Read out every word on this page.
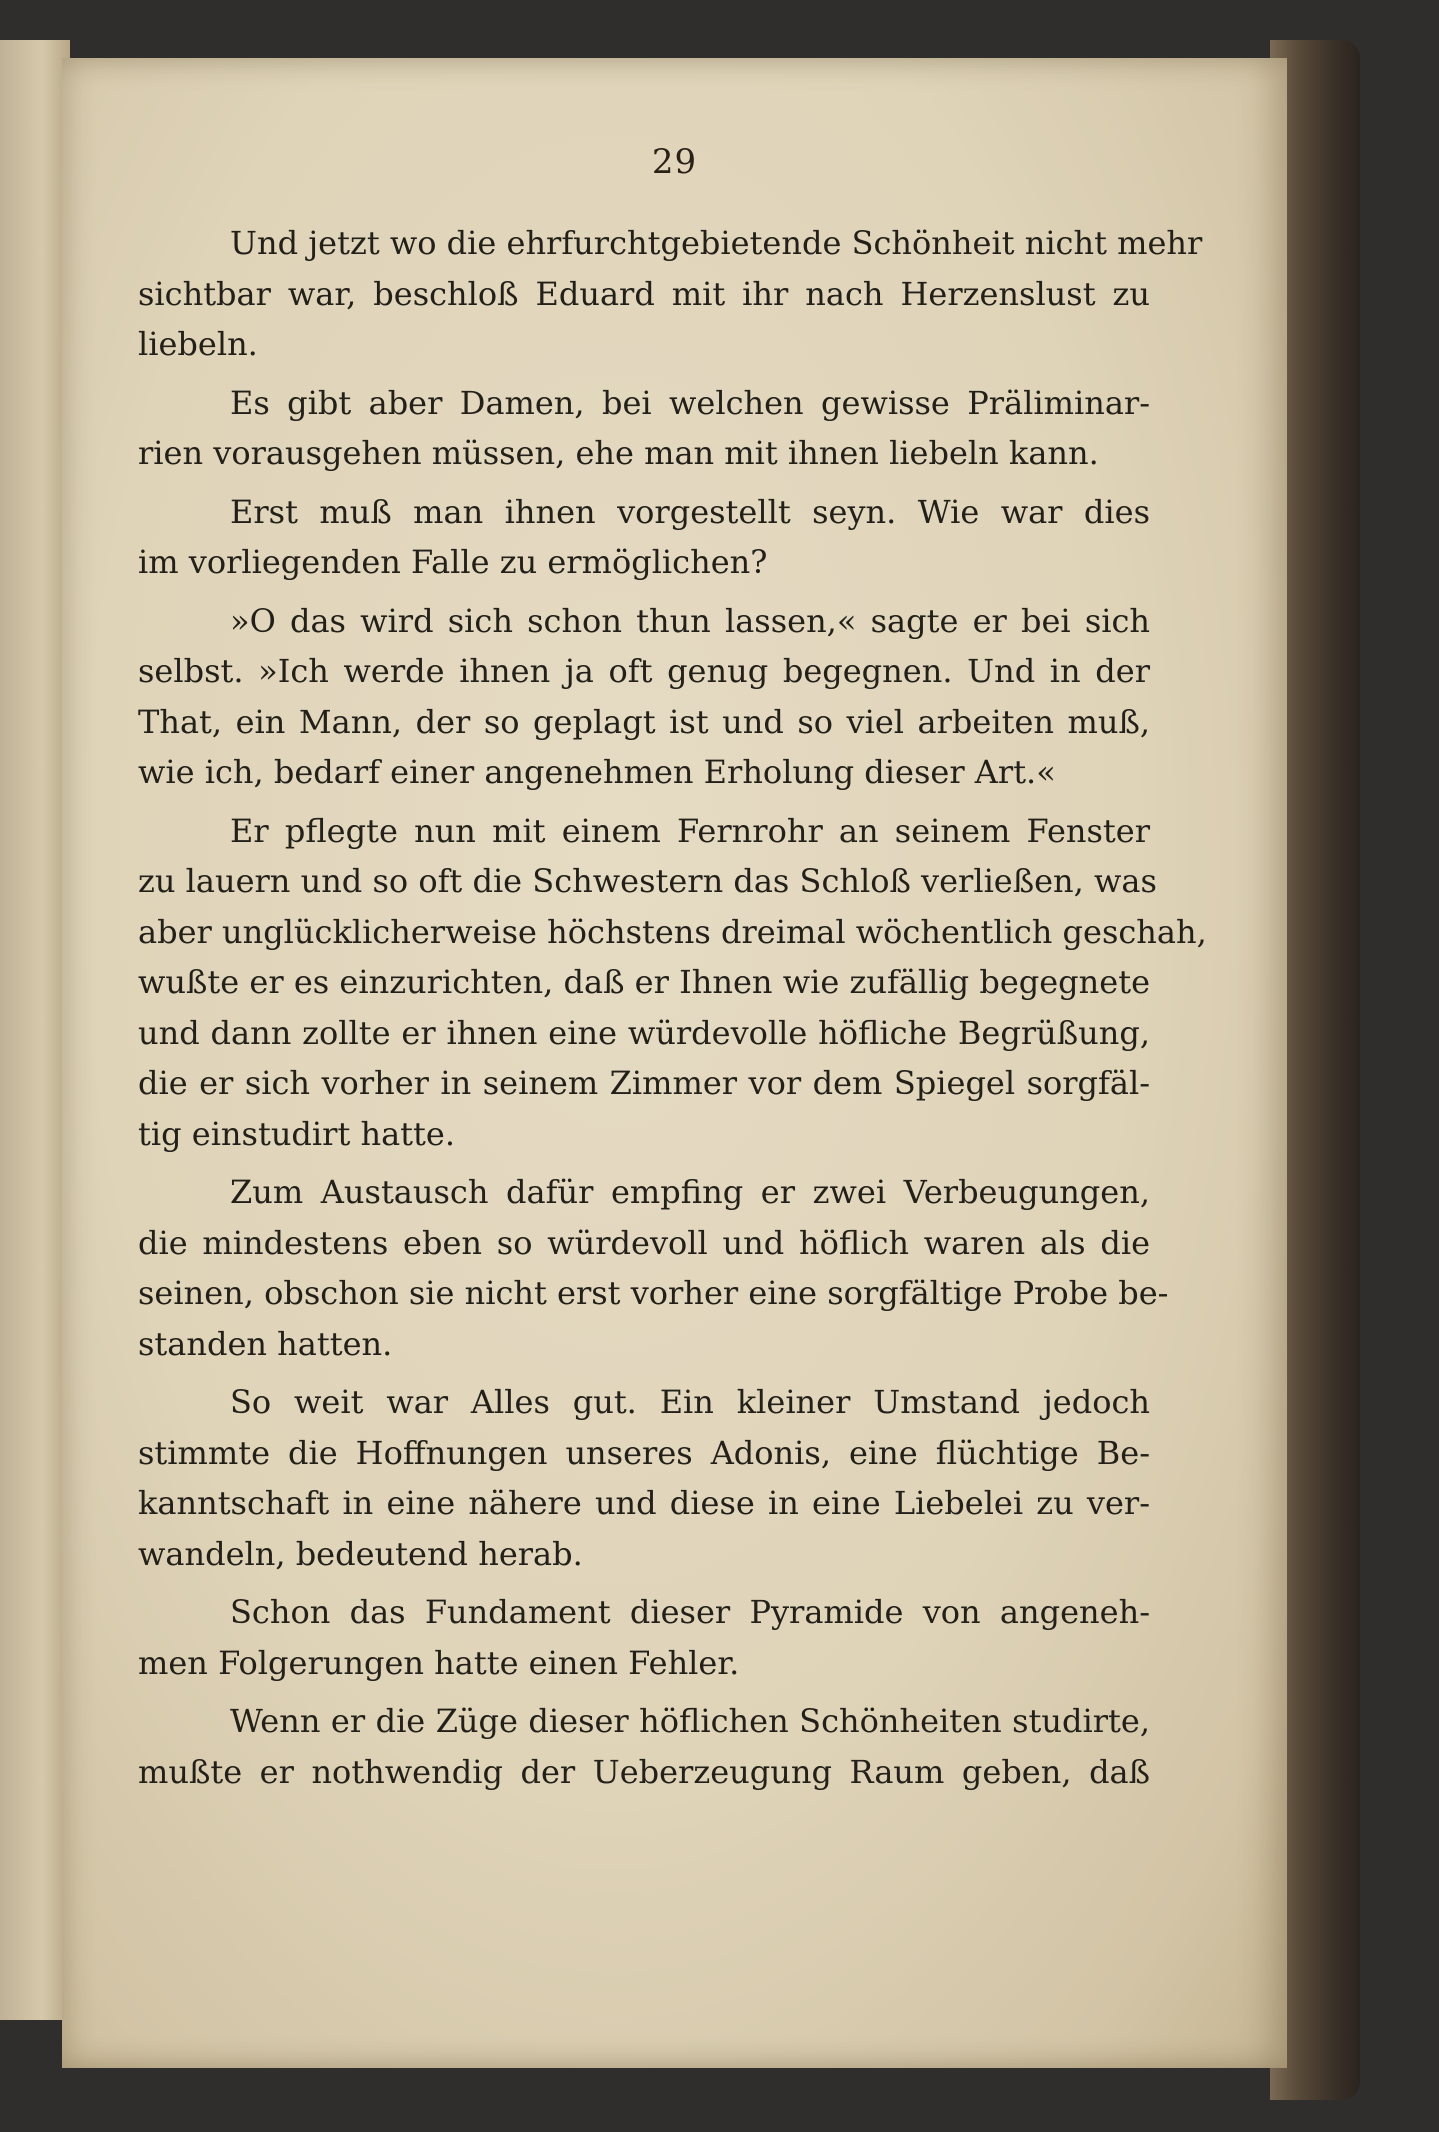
29
Und jetzt wo die ehrfurchtgebietende Schönheit nicht mehr
sichtbar war, beschloß Eduard mit ihr nach Herzenslust zu
liebeln.
Es gibt aber Damen, bei welchen gewisse Präliminar-
rien vorausgehen müssen, ehe man mit ihnen liebeln kann.
Erst muß man ihnen vorgestellt seyn. Wie war dies
im vorliegenden Falle zu ermöglichen?
»O das wird sich schon thun lassen,« sagte er bei sich
selbst. »Ich werde ihnen ja oft genug begegnen. Und in der
That, ein Mann, der so geplagt ist und so viel arbeiten muß,
wie ich, bedarf einer angenehmen Erholung dieser Art.«
Er pflegte nun mit einem Fernrohr an seinem Fenster
zu lauern und so oft die Schwestern das Schloß verließen, was
aber unglücklicherweise höchstens dreimal wöchentlich geschah,
wußte er es einzurichten, daß er Ihnen wie zufällig begegnete
und dann zollte er ihnen eine würdevolle höfliche Begrüßung,
die er sich vorher in seinem Zimmer vor dem Spiegel sorgfäl-
tig einstudirt hatte.
Zum Austausch dafür empfing er zwei Verbeugungen,
die mindestens eben so würdevoll und höflich waren als die
seinen, obschon sie nicht erst vorher eine sorgfältige Probe be-
standen hatten.
So weit war Alles gut. Ein kleiner Umstand jedoch
stimmte die Hoffnungen unseres Adonis, eine flüchtige Be-
kanntschaft in eine nähere und diese in eine Liebelei zu ver-
wandeln, bedeutend herab.
Schon das Fundament dieser Pyramide von angeneh-
men Folgerungen hatte einen Fehler.
Wenn er die Züge dieser höflichen Schönheiten studirte,
mußte er nothwendig der Ueberzeugung Raum geben, daß
